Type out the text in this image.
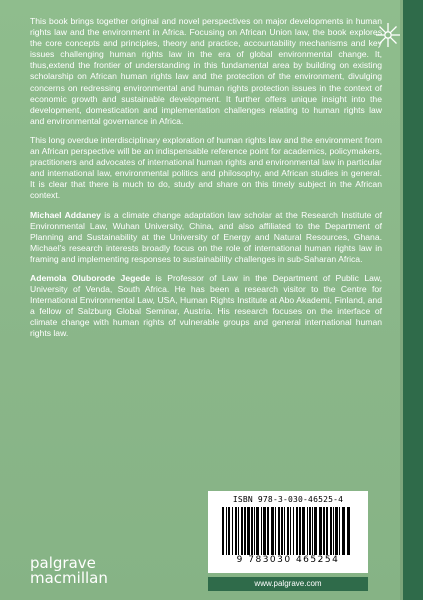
This book brings together original and novel perspectives on major developments in human rights law and the environment in Africa. Focusing on African Union law, the book explores the core concepts and principles, theory and practice, accountability mechanisms and key issues challenging human rights law in the era of global environmental change. It, thus,extend the frontier of understanding in this fundamental area by building on existing scholarship on African human rights law and the protection of the environment, divulging concerns on redressing environmental and human rights protection issues in the context of economic growth and sustainable development. It further offers unique insight into the development, domestication and implementation challenges relating to human rights law and environmental governance in Africa.

This long overdue interdisciplinary exploration of human rights law and the environment from an African perspective will be an indispensable reference point for academics, policymakers, practitioners and advocates of international human rights and environmental law in particular and international law, environmental politics and philosophy, and African studies in general. It is clear that there is much to do, study and share on this timely subject in the African context.

Michael Addaney is a climate change adaptation law scholar at the Research Institute of Environmental Law, Wuhan University, China, and also affiliated to the Department of Planning and Sustainability at the University of Energy and Natural Resources, Ghana. Michael’s research interests broadly focus on the role of international human rights law in framing and implementing responses to sustainability challenges in sub-Saharan Africa.

Ademola Oluborode Jegede is Professor of Law in the Department of Public Law, University of Venda, South Africa. He has been a research visitor to the Centre for International Environmental Law, USA, Human Rights Institute at Abo Akademi, Finland, and a fellow of Salzburg Global Seminar, Austria. His research focuses on the interface of climate change with human rights of vulnerable groups and general international human rights law.

ISBN 978-3-030-46525-4
9 783030 465254
www.palgrave.com
palgrave
macmillan
